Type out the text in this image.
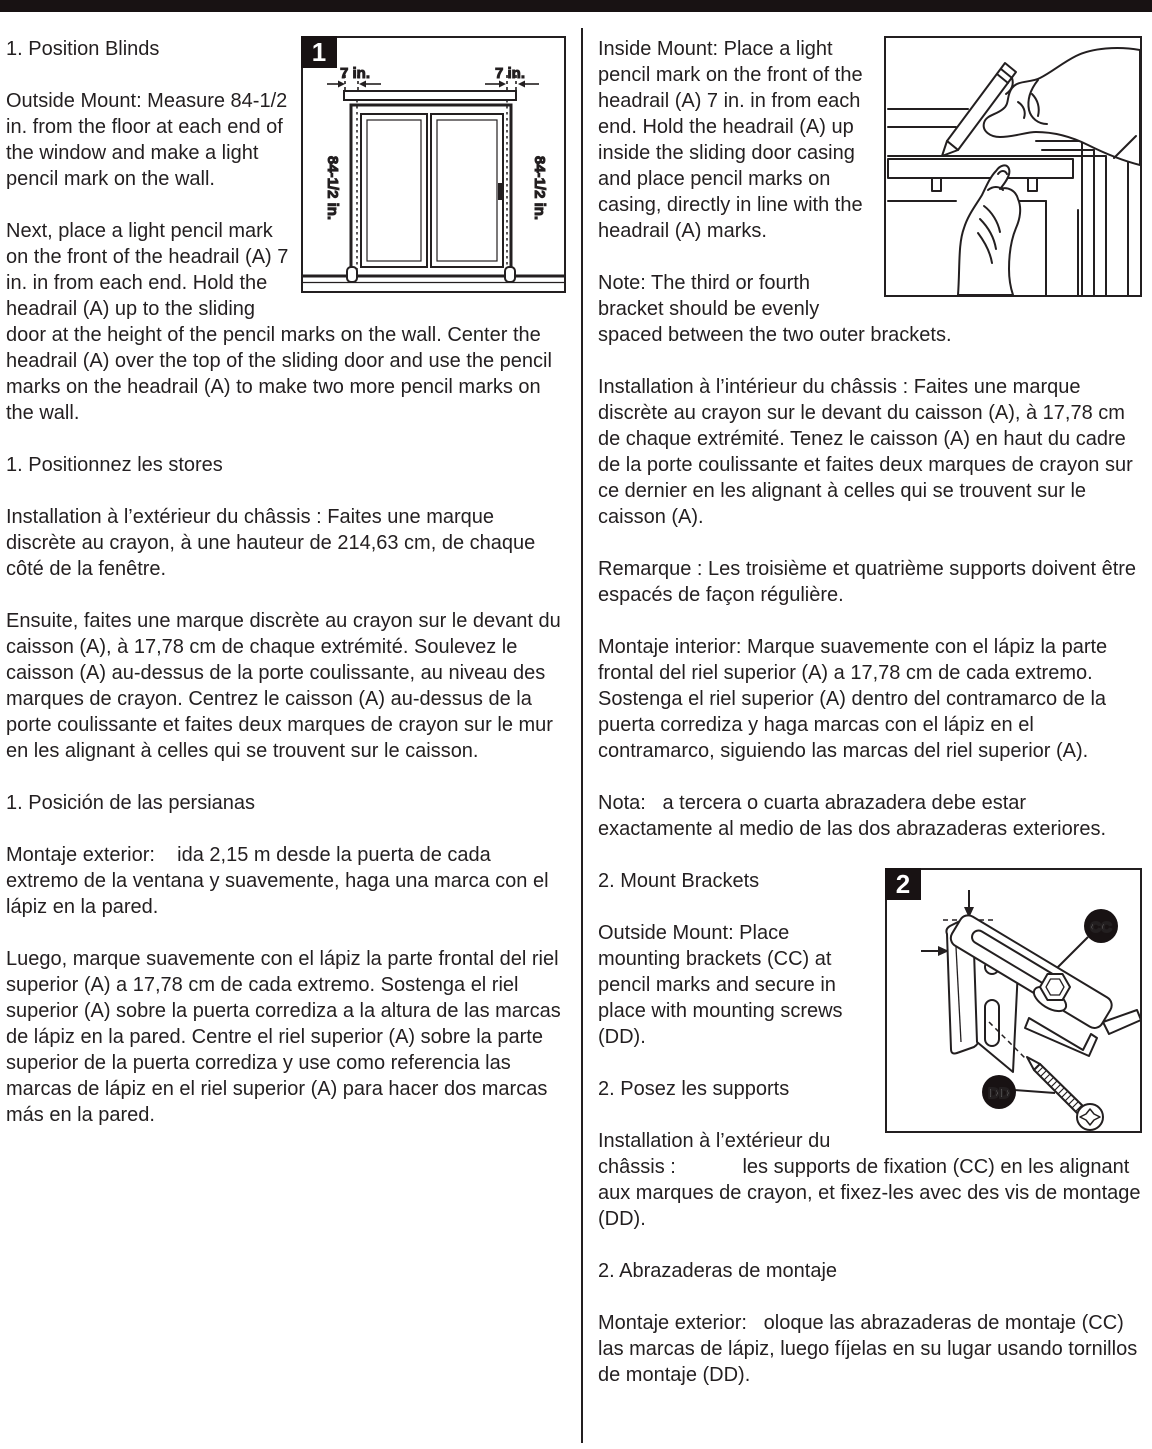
1
7 in.	7 in.
84-1/2 in.	84-1/2 in.

1. Position Blinds

Outside Mount: Measure 84-1/2 in. from the floor at each end of the window and make a light pencil mark on the wall.

Next, place a light pencil mark on the front of the headrail (A) 7 in. in from each end. Hold the headrail (A) up to the sliding door at the height of the pencil marks on the wall. Center the headrail (A) over the top of the sliding door and use the pencil marks on the headrail (A) to make two more pencil marks on the wall.

1. Positionnez les stores

Installation à l’extérieur du châssis : Faites une marque discrète au crayon, à une hauteur de 214,63 cm, de chaque côté de la fenêtre.

Ensuite, faites une marque discrète au crayon sur le devant du caisson (A), à 17,78 cm de chaque extrémité. Soulevez le caisson (A) au-dessus de la porte coulissante, au niveau des marques de crayon. Centrez le caisson (A) au-dessus de la porte coulissante et faites deux marques de crayon sur le mur en les alignant à celles qui se trouvent sur le caisson.

1. Posición de las persianas

Montaje exterior:    ida 2,15 m desde la puerta de cada extremo de la ventana y suavemente, haga una marca con el lápiz en la pared.

Luego, marque suavemente con el lápiz la parte frontal del riel superior (A) a 17,78 cm de cada extremo. Sostenga el riel superior (A) sobre la puerta corrediza a la altura de las marcas de lápiz en la pared. Centre el riel superior (A) sobre la parte superior de la puerta corrediza y use como referencia las marcas de lápiz en el riel superior (A) para hacer dos marcas más en la pared.

Inside Mount: Place a light pencil mark on the front of the headrail (A) 7 in. in from each end. Hold the headrail (A) up inside the sliding door casing and place pencil marks on casing, directly in line with the headrail (A) marks.

Note: The third or fourth bracket should be evenly spaced between the two outer brackets.

Installation à l’intérieur du châssis : Faites une marque discrète au crayon sur le devant du caisson (A), à 17,78 cm de chaque extrémité. Tenez le caisson (A) en haut du cadre de la porte coulissante et faites deux marques de crayon sur ce dernier en les alignant à celles qui se trouvent sur le caisson (A).

Remarque : Les troisième et quatrième supports doivent être espacés de façon régulière.

Montaje interior: Marque suavemente con el lápiz la parte frontal del riel superior (A) a 17,78 cm de cada extremo. Sostenga el riel superior (A) dentro del contramarco de la puerta corrediza y haga marcas con el lápiz en el contramarco, siguiendo las marcas del riel superior (A).

Nota:   a tercera o cuarta abrazadera debe estar exactamente al medio de las dos abrazaderas exteriores.

2
CC
DD

2. Mount Brackets

Outside Mount: Place mounting brackets (CC) at pencil marks and secure in place with mounting screws (DD).

2. Posez les supports

Installation à l’extérieur du châssis :            les supports de fixation (CC) en les alignant aux marques de crayon, et fixez-les avec des vis de montage (DD).

2. Abrazaderas de montaje

Montaje exterior:   oloque las abrazaderas de montaje (CC) las marcas de lápiz, luego fíjelas en su lugar usando tornillos de montaje (DD).
